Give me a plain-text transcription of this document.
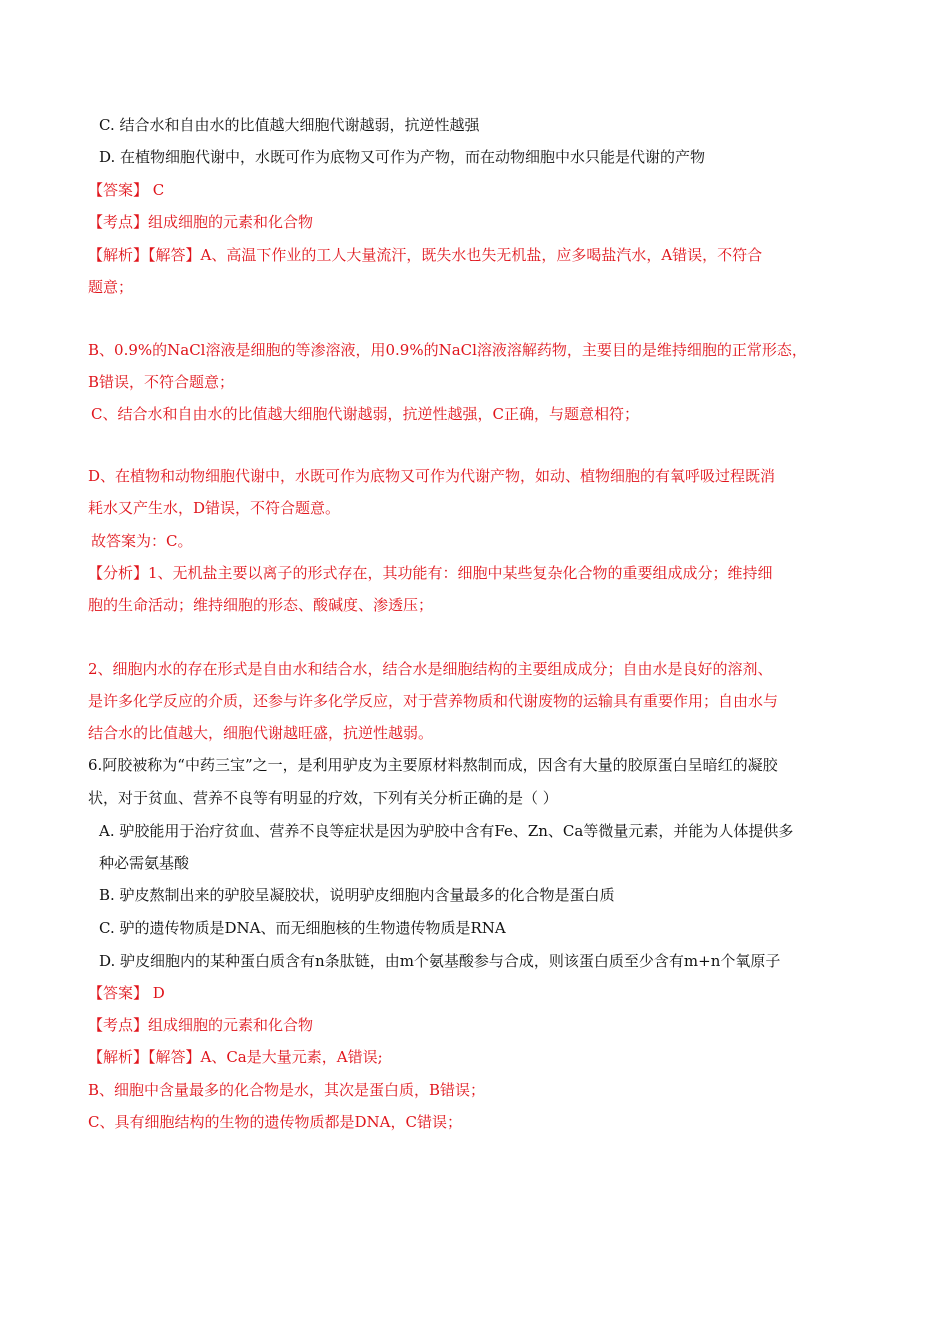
C. 结合水和自由水的比值越大细胞代谢越弱，抗逆性越强
D. 在植物细胞代谢中，水既可作为底物又可作为产物，而在动物细胞中水只能是代谢的产物
【答案】 C
【考点】组成细胞的元素和化合物
【解析】【解答】A、高温下作业的工人大量流汗，既失水也失无机盐，应多喝盐汽水，A错误，不符合
题意；
B、0.9%的NaCl溶液是细胞的等渗溶液，用0.9%的NaCl溶液溶解药物，主要目的是维持细胞的正常形态，
B错误，不符合题意；
C、结合水和自由水的比值越大细胞代谢越弱，抗逆性越强，C正确，与题意相符；
D、在植物和动物细胞代谢中，水既可作为底物又可作为代谢产物，如动、植物细胞的有氧呼吸过程既消
耗水又产生水，D错误，不符合题意。
故答案为：C。
【分析】1、无机盐主要以离子的形式存在，其功能有：细胞中某些复杂化合物的重要组成成分；维持细
胞的生命活动；维持细胞的形态、酸碱度、渗透压；
2、细胞内水的存在形式是自由水和结合水，结合水是细胞结构的主要组成成分；自由水是良好的溶剂、
是许多化学反应的介质，还参与许多化学反应，对于营养物质和代谢废物的运输具有重要作用；自由水与
结合水的比值越大，细胞代谢越旺盛，抗逆性越弱。
6.阿胶被称为“中药三宝”之一，是利用驴皮为主要原材料熬制而成，因含有大量的胶原蛋白呈暗红的凝胶
状，对于贫血、营养不良等有明显的疗效，下列有关分析正确的是（ ）
A. 驴胶能用于治疗贫血、营养不良等症状是因为驴胶中含有Fe、Zn、Ca等微量元素，并能为人体提供多
种必需氨基酸
B. 驴皮熬制出来的驴胶呈凝胶状，说明驴皮细胞内含量最多的化合物是蛋白质
C. 驴的遗传物质是DNA、而无细胞核的生物遗传物质是RNA
D. 驴皮细胞内的某种蛋白质含有n条肽链，由m个氨基酸参与合成，则该蛋白质至少含有m+n个氧原子
【答案】 D
【考点】组成细胞的元素和化合物
【解析】【解答】A、Ca是大量元素，A错误;
B、细胞中含量最多的化合物是水，其次是蛋白质，B错误；
C、具有细胞结构的生物的遗传物质都是DNA，C错误；
